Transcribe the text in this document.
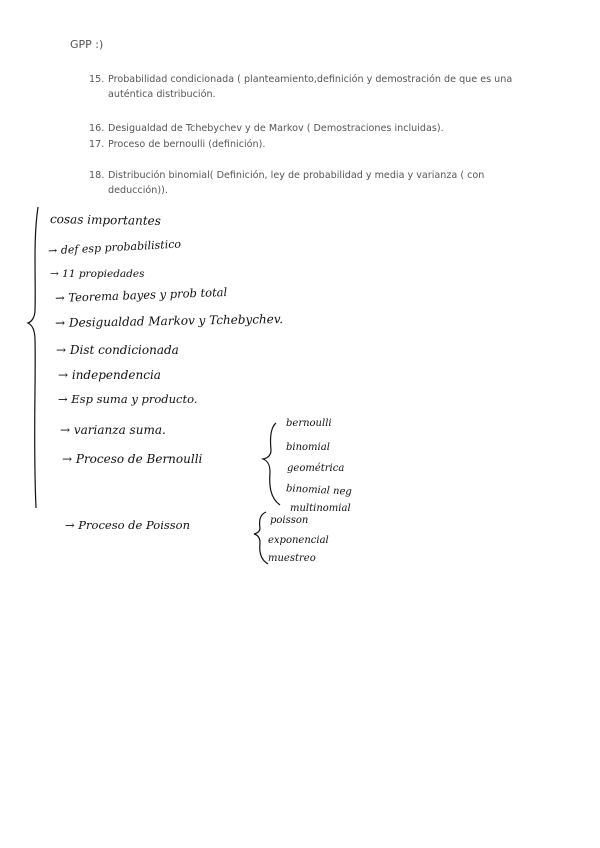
GPP :)
15. Probabilidad condicionada ( planteamiento,definición y demostración de que es una auténtica distribución.
16. Desigualdad de Tchebychev y de Markov ( Demostraciones incluidas).
17. Proceso de bernoulli (definición).
18. Distribución binomial( Definición, ley de probabilidad y media y varianza ( con deducción)).
cosas importantes
→ def esp probabilistico
→ 11 propiedades
→ Teorema bayes y prob total
→ Desigualdad Markov y Tchebychev.
→ Dist condicionada
→ independencia
→ Esp suma y producto.
→ varianza suma.
→ Proceso de Bernoulli
→ Proceso de Poisson
bernoulli
binomial
geométrica
binomial neg
multinomial
poisson
exponencial
muestreo
